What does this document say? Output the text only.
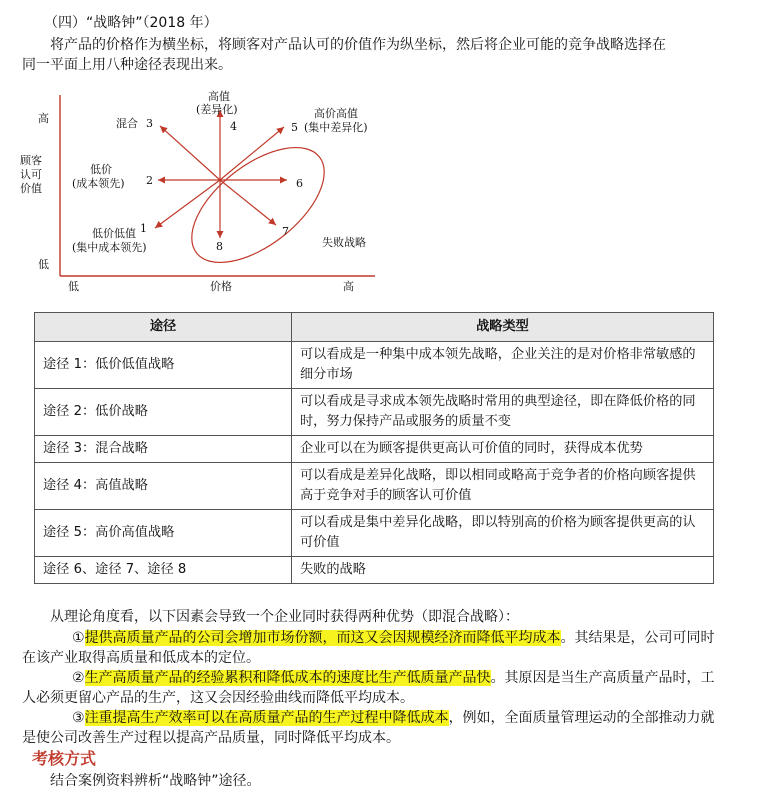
（四）“战略钟”（2018 年）
将产品的价格作为横坐标，将顾客对产品认可的价值作为纵坐标，然后将企业可能的竞争战略选择在
同一平面上用八种途径表现出来。
高
低
顾客
认可
价值
低	价格	高
低价低值 1
(集中成本领先)
低价
(成本领先) 2
混合 3
高值
(差异化)
4	5
高价高值
(集中差异化)
6
7
8	失败战略
途径	战略类型
途径 1：低价低值战略	可以看成是一种集中成本领先战略，企业关注的是对价格非常敏感的细分市场
途径 2：低价战略	可以看成是寻求成本领先战略时常用的典型途径，即在降低价格的同时，努力保持产品或服务的质量不变
途径 3：混合战略	企业可以在为顾客提供更高认可价值的同时，获得成本优势
途径 4：高值战略	可以看成是差异化战略，即以相同或略高于竞争者的价格向顾客提供高于竞争对手的顾客认可价值
途径 5：高价高值战略	可以看成是集中差异化战略，即以特别高的价格为顾客提供更高的认可价值
途径 6、途径 7、途径 8	失败的战略
从理论角度看，以下因素会导致一个企业同时获得两种优势（即混合战略）：
①提供高质量产品的公司会增加市场份额，而这又会因规模经济而降低平均成本。其结果是，公司可同时在该产业取得高质量和低成本的定位。
②生产高质量产品的经验累积和降低成本的速度比生产低质量产品快。其原因是当生产高质量产品时，工人必须更留心产品的生产，这又会因经验曲线而降低平均成本。
③注重提高生产效率可以在高质量产品的生产过程中降低成本，例如，全面质量管理运动的全部推动力就是使公司改善生产过程以提高产品质量，同时降低平均成本。
考核方式
结合案例资料辨析“战略钟”途径。
